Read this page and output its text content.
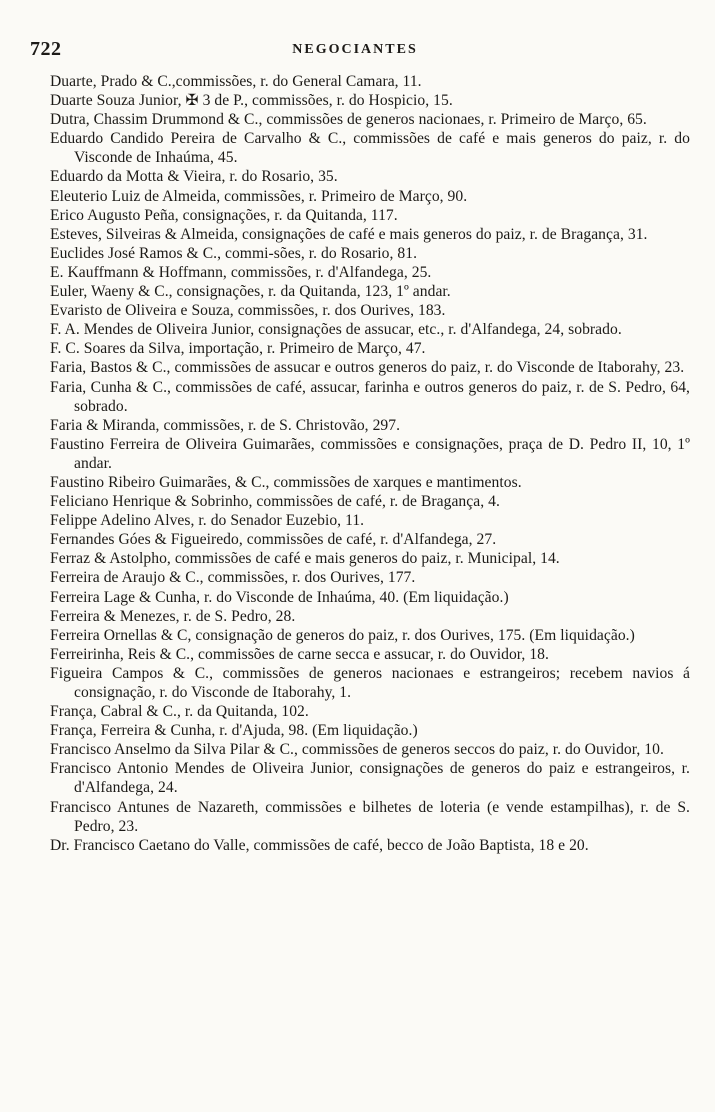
722	NEGOCIANTES

Duarte, Prado & C.,commissões, r. do General Camara, 11.

Duarte Souza Junior, ✠ 3 de P., commissões, r. do Hospicio, 15.

Dutra, Chassim Drummond & C., commissões de generos nacionaes, r. Primeiro de Março, 65.

Eduardo Candido Pereira de Carvalho & C., commissões de café e mais generos do paiz, r. do Visconde de Inhaúma, 45.

Eduardo da Motta & Vieira, r. do Rosario, 35.

Eleuterio Luiz de Almeida, commissões, r. Primeiro de Março, 90.

Erico Augusto Peña, consignações, r. da Quitanda, 117.

Esteves, Silveiras & Almeida, consignações de café e mais generos do paiz, r. de Bragança, 31.

Euclides José Ramos & C., commi-sões, r. do Rosario, 81.

E. Kauffmann & Hoffmann, commissões, r. d'Alfandega, 25.

Euler, Waeny & C., consignações, r. da Quitanda, 123, 1º andar.

Evaristo de Oliveira e Souza, commissões, r. dos Ourives, 183.

F. A. Mendes de Oliveira Junior, consignações de assucar, etc., r. d'Alfandega, 24, sobrado.

F. C. Soares da Silva, importação, r. Primeiro de Março, 47.

Faria, Bastos & C., commissões de assucar e outros generos do paiz, r. do Visconde de Itaborahy, 23.

Faria, Cunha & C., commissões de café, assucar, farinha e outros generos do paiz, r. de S. Pedro, 64, sobrado.

Faria & Miranda, commissões, r. de S. Christovão, 297.

Faustino Ferreira de Oliveira Guimarães, commissões e consignações, praça de D. Pedro II, 10, 1º andar.

Faustino Ribeiro Guimarães, & C., commissões de xarques e mantimentos.

Feliciano Henrique & Sobrinho, commissões de café, r. de Bragança, 4.

Felippe Adelino Alves, r. do Senador Euzebio, 11.

Fernandes Góes & Figueiredo, commissões de café, r. d'Alfandega, 27.

Ferraz & Astolpho, commissões de café e mais generos do paiz, r. Municipal, 14.

Ferreira de Araujo & C., commissões, r. dos Ourives, 177.

Ferreira Lage & Cunha, r. do Visconde de Inhaúma, 40. (Em liquidação.)

Ferreira & Menezes, r. de S. Pedro, 28.

Ferreira Ornellas & C, consignação de generos do paiz, r. dos Ourives, 175. (Em liquidação.)

Ferreirinha, Reis & C., commissões de carne secca e assucar, r. do Ouvidor, 18.

Figueira Campos & C., commissões de generos nacionaes e estrangeiros; recebem navios á consignação, r. do Visconde de Itaborahy, 1.

França, Cabral & C., r. da Quitanda, 102.

França, Ferreira & Cunha, r. d'Ajuda, 98. (Em liquidação.)

Francisco Anselmo da Silva Pilar & C., commissões de generos seccos do paiz, r. do Ouvidor, 10.

Francisco Antonio Mendes de Oliveira Junior, consignações de generos do paiz e estrangeiros, r. d'Alfandega, 24.

Francisco Antunes de Nazareth, commissões e bilhetes de loteria (e vende estampilhas), r. de S. Pedro, 23.

Dr. Francisco Caetano do Valle, commissões de café, becco de João Baptista, 18 e 20.
